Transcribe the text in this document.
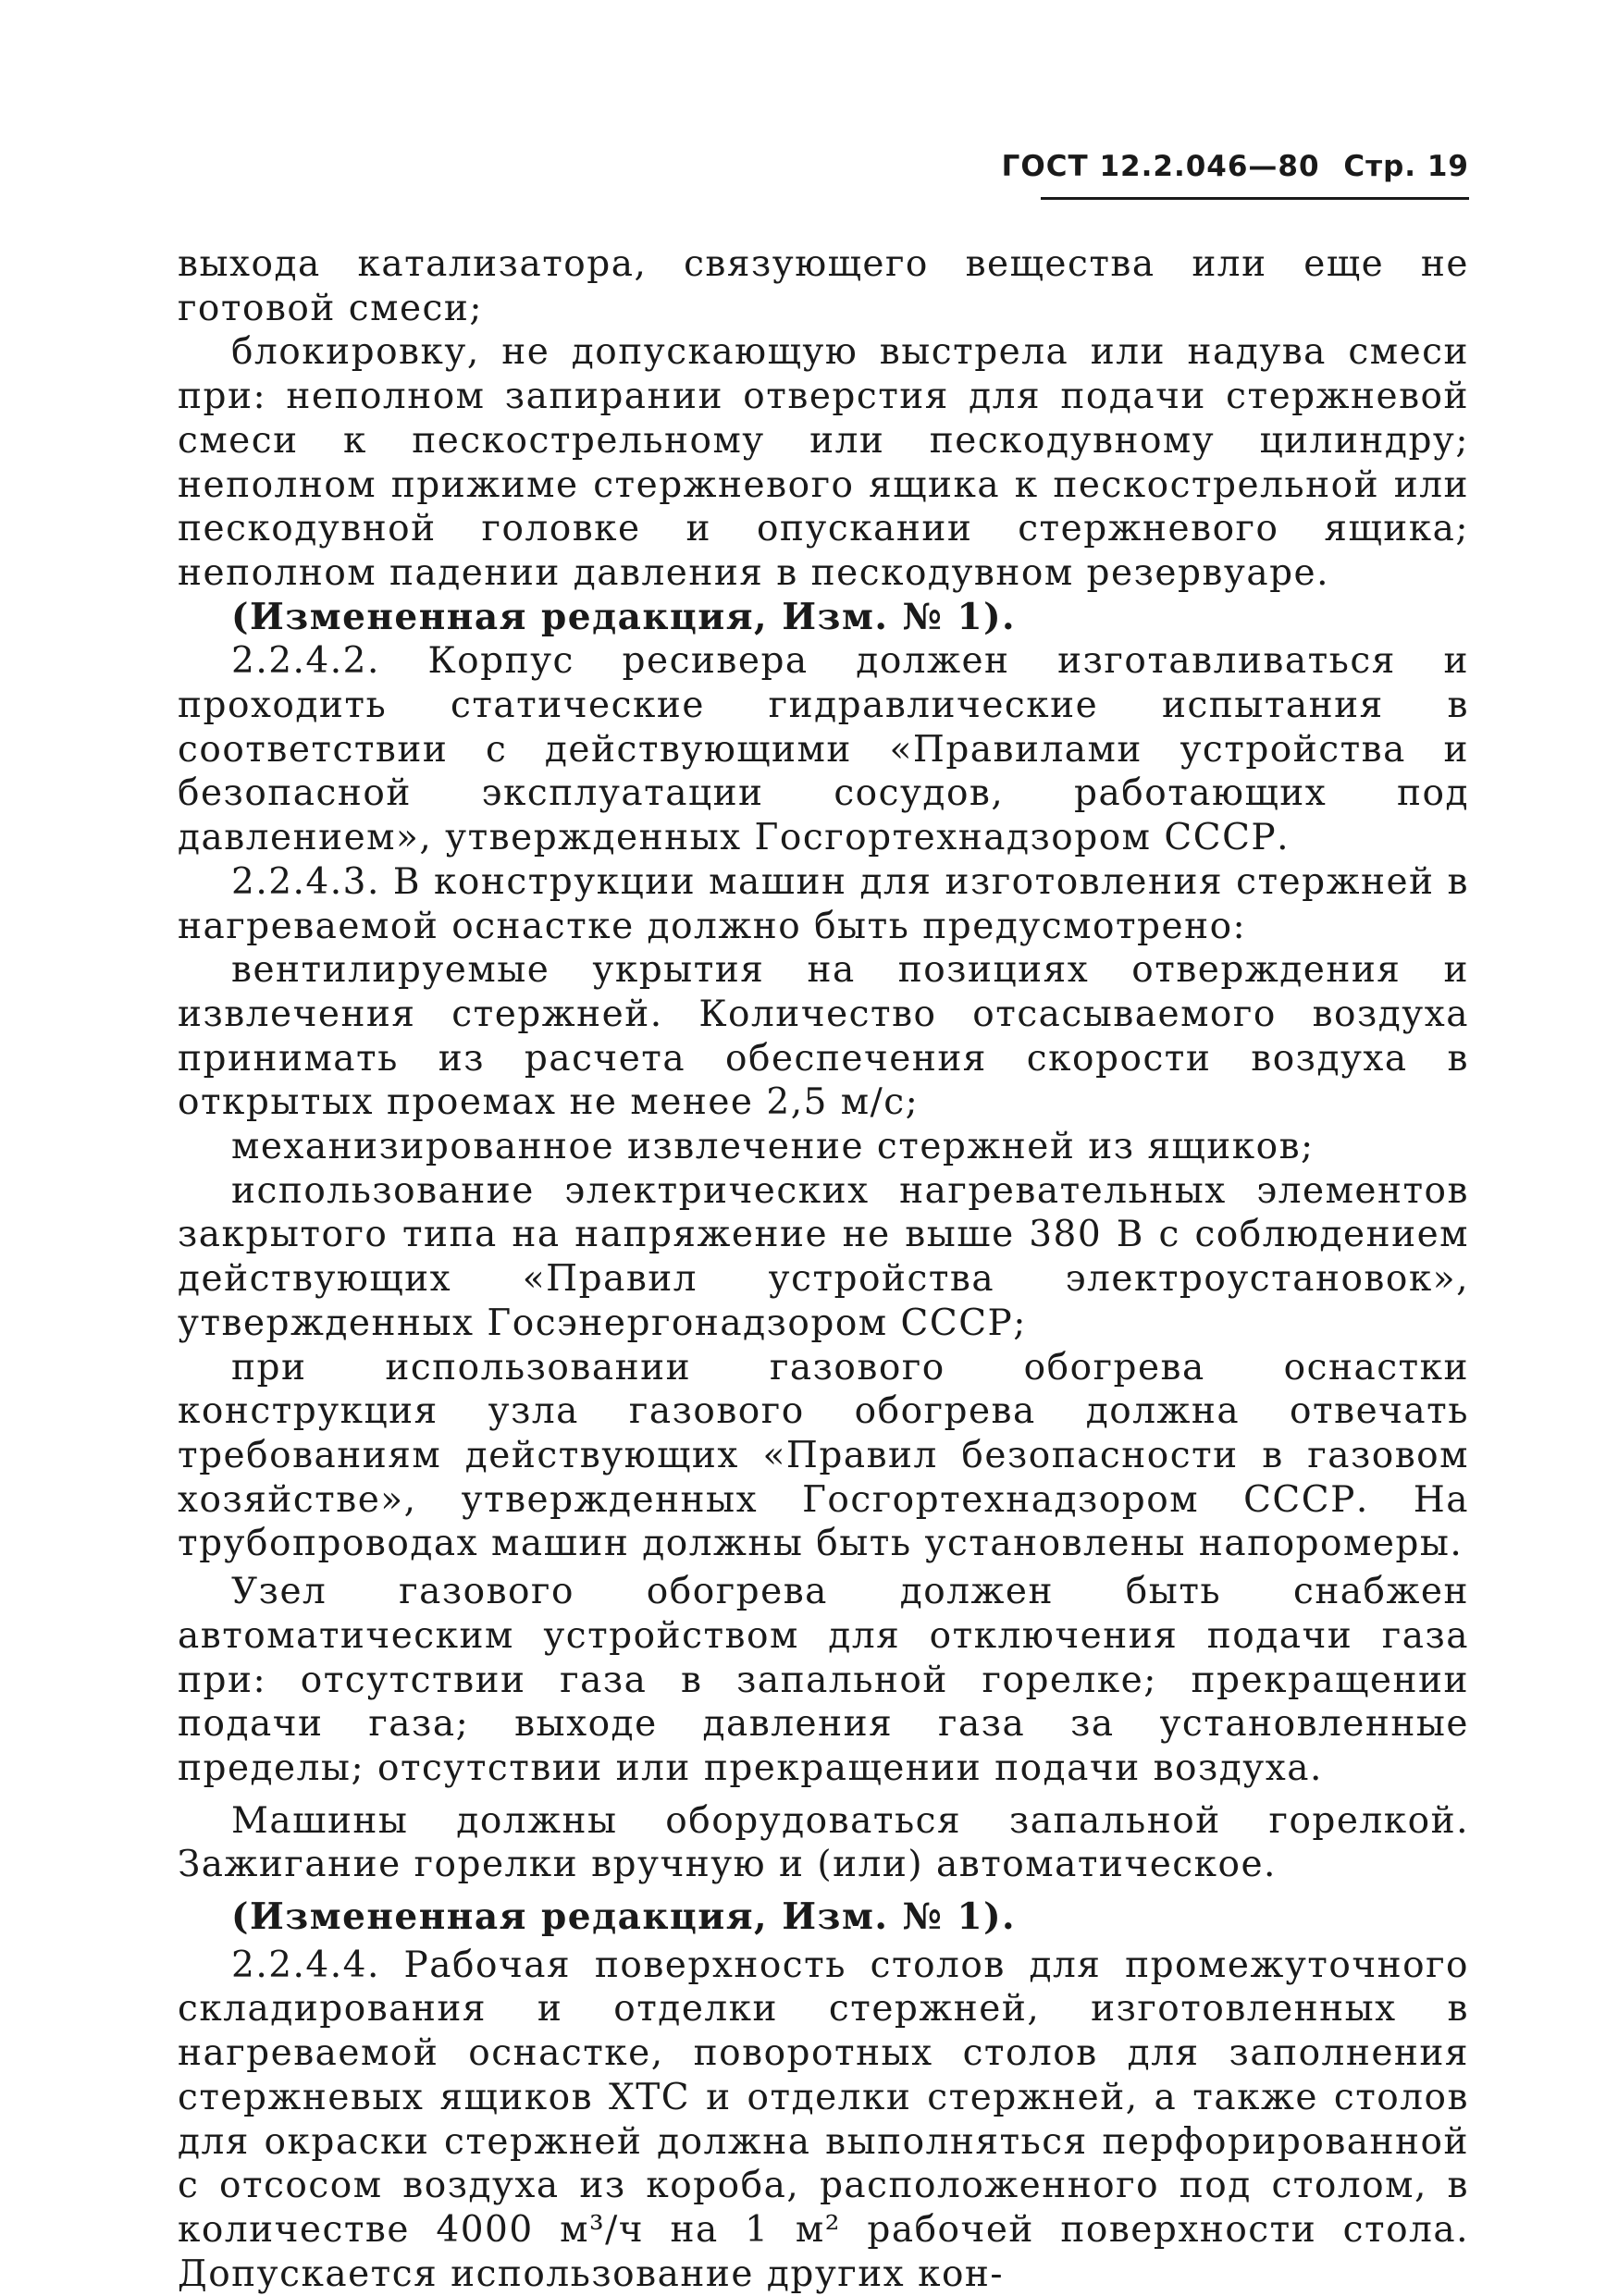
ГОСТ 12.2.046—80 Стр. 19

выхода катализатора, связующего вещества или еще не готовой смеси;

блокировку, не допускающую выстрела или надува смеси при: неполном запирании отверстия для подачи стержневой смеси к пескострельному или пескодувному цилиндру; неполном прижиме стержневого ящика к пескострельной или пескодувной головке и опускании стержневого ящика; неполном падении давления в пескодувном резервуаре.

(Измененная редакция, Изм. № 1).

2.2.4.2. Корпус ресивера должен изготавливаться и проходить статические гидравлические испытания в соответствии с действующими «Правилами устройства и безопасной эксплуатации сосудов, работающих под давлением», утвержденных Госгортехнадзором СССР.

2.2.4.3. В конструкции машин для изготовления стержней в нагреваемой оснастке должно быть предусмотрено:

вентилируемые укрытия на позициях отверждения и извлечения стержней. Количество отсасываемого воздуха принимать из расчета обеспечения скорости воздуха в открытых проемах не менее 2,5 м/с;

механизированное извлечение стержней из ящиков;

использование электрических нагревательных элементов закрытого типа на напряжение не выше 380 В с соблюдением действующих «Правил устройства электроустановок», утвержденных Госэнергонадзором СССР;

при использовании газового обогрева оснастки конструкция узла газового обогрева должна отвечать требованиям действующих «Правил безопасности в газовом хозяйстве», утвержденных Госгортехнадзором СССР. На трубопроводах машин должны быть установлены напоромеры.

Узел газового обогрева должен быть снабжен автоматическим устройством для отключения подачи газа при: отсутствии газа в запальной горелке; прекращении подачи газа; выходе давления газа за установленные пределы; отсутствии или прекращении подачи воздуха.

Машины должны оборудоваться запальной горелкой. Зажигание горелки вручную и (или) автоматическое.

(Измененная редакция, Изм. № 1).

2.2.4.4. Рабочая поверхность столов для промежуточного складирования и отделки стержней, изготовленных в нагреваемой оснастке, поворотных столов для заполнения стержневых ящиков ХТС и отделки стержней, а также столов для окраски стержней должна выполняться перфорированной с отсосом воздуха из короба, расположенного под столом, в количестве 4000 м³/ч на 1 м² рабочей поверхности стола. Допускается использование других кон-
